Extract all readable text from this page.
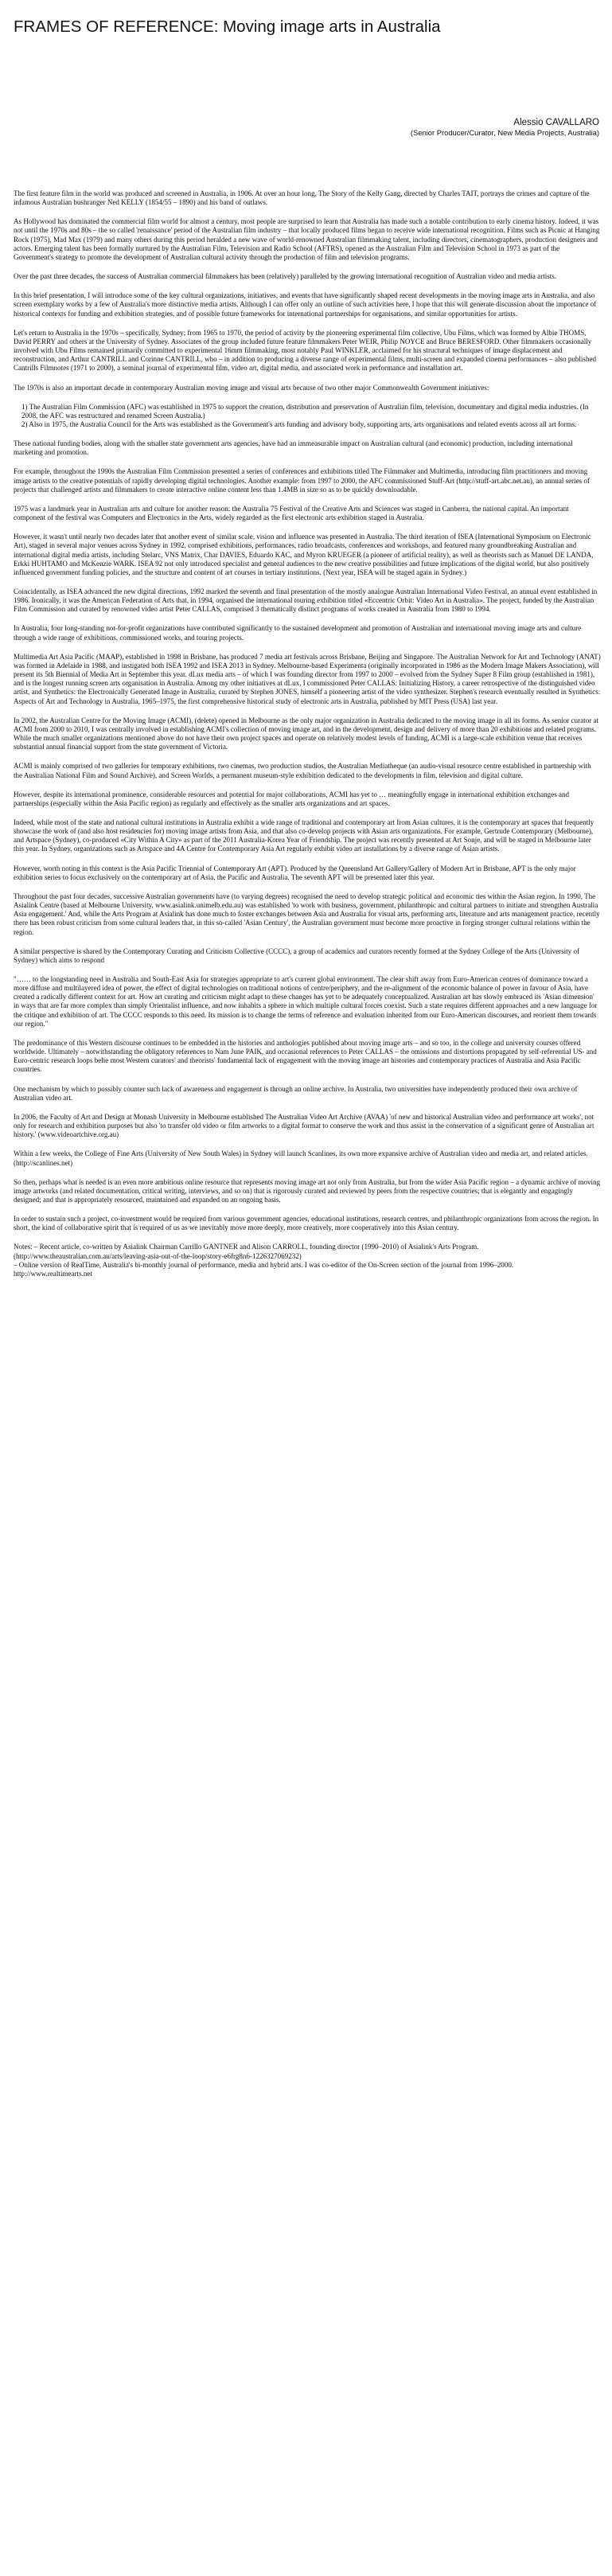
FRAMES OF REFERENCE: Moving image arts in Australia
Alessio CAVALLARO
(Senior Producer/Curator, New Media Projects, Australia)

The first feature film in the world was produced and screened in Australia, in 1906. At over an hour long, The Story of the Kelly Gang, directed by Charles TAIT, portrays the crimes and capture of the infamous Australian bushranger Ned KELLY (1854/55 – 1890) and his band of outlaws.

As Hollywood has dominated the commercial film world for almost a century, most people are surprised to learn that Australia has made such a notable contribution to early cinema history. Indeed, it was not until the 1970s and 80s – the so called 'renaissance' period of the Australian film industry – that locally produced films began to receive wide international recognition. Films such as Picnic at Hanging Rock (1975), Mad Max (1979) and many others during this period heralded a new wave of world-renowned Australian filmmaking talent, including directors, cinematographers, production designers and actors. Emerging talent has been formally nurtured by the Australian Film, Television and Radio School (AFTRS), opened as the Australian Film and Television School in 1973 as part of the Government's strategy to promote the development of Australian cultural activity through the production of film and television programs.

Over the past three decades, the success of Australian commercial filmmakers has been (relatively) paralleled by the growing international recognition of Australian video and media artists.

In this brief presentation, I will introduce some of the key cultural organizations, initiatives, and events that have significantly shaped recent developments in the moving image arts in Australia, and also screen exemplary works by a few of Australia's more distinctive media artists. Although I can offer only an outline of such activities here, I hope that this will generate discussion about the importance of historical contexts for funding and exhibition strategies, and of possible future frameworks for international partnerships for organisations, and similar opportunities for artists.

Let's return to Australia in the 1970s – specifically, Sydney; from 1965 to 1970, the period of activity by the pioneering experimental film collective, Ubu Films, which was formed by Albie THOMS, David PERRY and others at the University of Sydney. Associates of the group included future feature filmmakers Peter WEIR, Philip NOYCE and Bruce BERESFORD. Other filmmakers occasionally involved with Ubu Films remained primarily committed to experimental 16mm filmmaking, most notably Paul WINKLER, acclaimed for his structural techniques of image displacement and reconstruction, and Arthur CANTRILL and Corinne CANTRILL, who – in addition to producing a diverse range of experimental films, multi-screen and expanded cinema performances – also published Cantrills Filmnotes (1971 to 2000), a seminal journal of experimental film, video art, digital media, and associated work in performance and installation art.

The 1970s is also an important decade in contemporary Australian moving image and visual arts because of two other major Commonwealth Government initiatives:

1) The Australian Film Commission (AFC) was established in 1975 to support the creation, distribution and preservation of Australian film, television, documentary and digital media industries. (In 2008, the AFC was restructured and renamed Screen Australia.)

2) Also in 1975, the Australia Council for the Arts was established as the Government's arts funding and advisory body, supporting arts, arts organisations and related events across all art forms.

These national funding bodies, along with the smaller state government arts agencies, have had an immeasurable impact on Australian cultural (and economic) production, including international marketing and promotion.

For example, throughout the 1990s the Australian Film Commission presented a series of conferences and exhibitions titled The Filmmaker and Multimedia, introducing film practitioners and moving image artists to the creative potentials of rapidly developing digital technologies. Another example: from 1997 to 2000, the AFC commissioned Stuff-Art (http://stuff-art.abc.net.au), an annual series of projects that challenged artists and filmmakers to create interactive online content less than 1.4MB in size so as to be quickly downloadable.

1975 was a landmark year in Australian arts and culture for another reason: the Australia 75 Festival of the Creative Arts and Sciences was staged in Canberra, the national capital. An important component of the festival was Computers and Electronics in the Arts, widely regarded as the first electronic arts exhibition staged in Australia.

However, it wasn't until nearly two decades later that another event of similar scale, vision and influence was presented in Australia. The third iteration of ISEA (International Symposium on Electronic Art), staged in several major venues across Sydney in 1992, comprised exhibitions, performances, radio broadcasts, conferences and workshops, and featured many groundbreaking Australian and international digital media artists, including Stelarc, VNS Matrix, Char DAVIES, Eduardo KAC, and Myron KRUEGER (a pioneer of artificial reality), as well as theorists such as Manuel DE LANDA, Erkki HUHTAMO and McKenzie WARK. ISEA 92 not only introduced specialist and general audiences to the new creative possibilities and future implications of the digital world, but also positively influenced government funding policies, and the structure and content of art courses in tertiary institutions. (Next year, ISEA will be staged again in Sydney.)

Coincidentally, as ISEA advanced the new digital directions, 1992 marked the seventh and final presentation of the mostly analogue Australian International Video Festival, an annual event established in 1986. Ironically, it was the American Federation of Arts that, in 1994, organised the international touring exhibition titled «Eccentric Orbit: Video Art in Australia». The project, funded by the Australian Film Commission and curated by renowned video artist Peter CALLAS, comprised 3 thematically distinct programs of works created in Australia from 1980 to 1994.

In Australia, four long-standing not-for-profit organizations have contributed significantly to the sustained development and promotion of Australian and international moving image arts and culture through a wide range of exhibitions, commissioned works, and touring projects.

Multimedia Art Asia Pacific (MAAP), established in 1998 in Brisbane, has produced 7 media art festivals across Brisbane, Beijing and Singapore. The Australian Network for Art and Technology (ANAT) was formed in Adelaide in 1988, and instigated both ISEA 1992 and ISEA 2013 in Sydney. Melbourne-based Experimenta (originally incorporated in 1986 as the Modern Image Makers Association), will present its 5th Biennial of Media Art in September this year. dLux media arts – of which I was founding director from 1997 to 2000 – evolved from the Sydney Super 8 Film group (established in 1981), and is the longest running screen arts organisation in Australia. Among my other initiatives at dLux, I commissioned Peter CALLAS: Initializing History, a career retrospective of the distinguished video artist, and Synthetics: the Electronically Generated Image in Australia, curated by Stephen JONES, himself a pioneering artist of the video synthesizer. Stephen's research eventually resulted in Synthetics: Aspects of Art and Technology in Australia, 1965–1975, the first comprehensive historical study of electronic arts in Australia, published by MIT Press (USA) last year.

In 2002, the Australian Centre for the Moving Image (ACMI), (delete) opened in Melbourne as the only major organization in Australia dedicated to the moving image in all its forms. As senior curator at ACMI from 2000 to 2010, I was centrally involved in establishing ACMI's collection of moving image art, and in the development, design and delivery of more than 20 exhibitions and related programs. While the much smaller organizations mentioned above do not have their own project spaces and operate on relatively modest levels of funding, ACMI is a large-scale exhibition venue that receives substantial annual financial support from the state government of Victoria.

ACMI is mainly comprised of two galleries for temporary exhibitions, two cinemas, two production studios, the Australian Mediatheque (an audio-visual resource centre established in partnership with the Australian National Film and Sound Archive), and Screen Worlds, a permanent museum-style exhibition dedicated to the developments in film, television and digital culture.

However, despite its international prominence, considerable resources and potential for major collaborations, ACMI has yet to … meaningfully engage in international exhibition exchanges and partnerships (especially within the Asia Pacific region) as regularly and effectively as the smaller arts organizations and art spaces.

Indeed, while most of the state and national cultural institutions in Australia exhibit a wide range of traditional and contemporary art from Asian cultures, it is the contemporary art spaces that frequently showcase the work of (and also host residencies for) moving image artists from Asia, and that also co-develop projects with Asian arts organizations. For example, Gertrude Contemporary (Melbourne), and Artspace (Sydney), co-produced «City Within A City» as part of the 2011 Australia-Korea Year of Friendship. The project was recently presented at Art Sonje, and will be staged in Melbourne later this year. In Sydney, organizations such as Artspace and 4A Centre for Contemporary Asia Art regularly exhibit video art installations by a diverse range of Asian artists.

However, worth noting in this context is the Asia Pacific Triennial of Contemporary Art (APT). Produced by the Queensland Art Gallery/Gallery of Modern Art in Brisbane, APT is the only major exhibition series to focus exclusively on the contemporary art of Asia, the Pacific and Australia. The seventh APT will be presented later this year.

Throughout the past four decades, successive Australian governments have (to varying degrees) recognised the need to develop strategic political and economic ties within the Asian region. In 1990, The Asialink Centre (based at Melbourne University, www.asialink.unimelb.edu.au) was established 'to work with business, government, philanthropic and cultural partners to initiate and strengthen Australia Asia engagement.' And, while the Arts Program at Asialink has done much to foster exchanges between Asia and Australia for visual arts, performing arts, literature and arts management practice, recently there has been robust criticism from some cultural leaders that, in this so-called 'Asian Century', the Australian government must become more proactive in forging stronger cultural relations within the region.

A similar perspective is shared by the Contemporary Curating and Criticism Collective (CCCC), a group of academics and curators recently formed at the Sydney College of the Arts (University of Sydney) which aims to respond

"…… to the longstanding need in Australia and South-East Asia for strategies appropriate to art's current global environment. The clear shift away from Euro-American centres of dominance toward a more diffuse and multilayered idea of power, the effect of digital technologies on traditional notions of centre/periphery, and the re-alignment of the economic balance of power in favour of Asia, have created a radically different context for art. How art curating and criticism might adapt to these changes has yet to be adequately conceptualized. Australian art has slowly embraced its 'Asian dimension' in ways that are far more complex than simply Orientalist influence, and now inhabits a sphere in which multiple cultural forces coexist. Such a state requires different approaches and a new language for the critique and exhibition of art. The CCCC responds to this need. Its mission is to change the terms of reference and evaluation inherited from our Euro-American discourses, and reorient them towards our region."

The predominance of this Western discourse continues to be embedded in the histories and anthologies published about moving image arts – and so too, in the college and university courses offered worldwide. Ultimately – notwithstanding the obligatory references to Nam June PAIK, and occasional references to Peter CALLAS – the omissions and distortions propagated by self-referential US- and Euro-centric research loops belie most Western curators' and theorists' fundamental lack of engagement with the moving image art histories and contemporary practices of Australia and Asia Pacific countries.

One mechanism by which to possibly counter such lack of awareness and engagement is through an online archive. In Australia, two universities have independently produced their own archive of Australian video art.

In 2006, the Faculty of Art and Design at Monash University in Melbourne established The Australian Video Art Archive (AVAA) 'of new and historical Australian video and performance art works', not only for research and exhibition purposes but also 'to transfer old video or film artworks to a digital format to conserve the work and thus assist in the conservation of a significant genre of Australian art history.' (www.videoartchive.org.au)

Within a few weeks, the College of Fine Arts (University of New South Wales) in Sydney will launch Scanlines, its own more expansive archive of Australian video and media art, and related articles. (http://scanlines.net)

So then, perhaps what is needed is an even more ambitious online resource that represents moving image art not only from Australia, but from the wider Asia Pacific region – a dynamic archive of moving image artworks (and related documentation, critical writing, interviews, and so on) that is rigorously curated and reviewed by peers from the respective countries; that is elegantly and engagingly designed; and that is appropriately resourced, maintained and expanded on an ongoing basis.

In order to sustain such a project, co-investment would be required from various government agencies, educational institutions, research centres, and philanthropic organizations from across the region. In short, the kind of collaborative spirit that is required of us as we inevitably move more deeply, more creatively, more cooperatively into this Asian century.

Notes: – Recent article, co-written by Asialink Chairman Carrillo GANTNER and Alison CARROLL, founding director (1990–2010) of Asialink's Arts Program. (http://www.theaustralian.com.au/arts/leaving-asia-out-of-the-loop/story-e6frg8n6-1226327069232)

– Online version of RealTime, Australia's bi-monthly journal of performance, media and hybrid arts. I was co-editor of the On-Screen section of the journal from 1996–2000.

http://www.realtimearts.net
